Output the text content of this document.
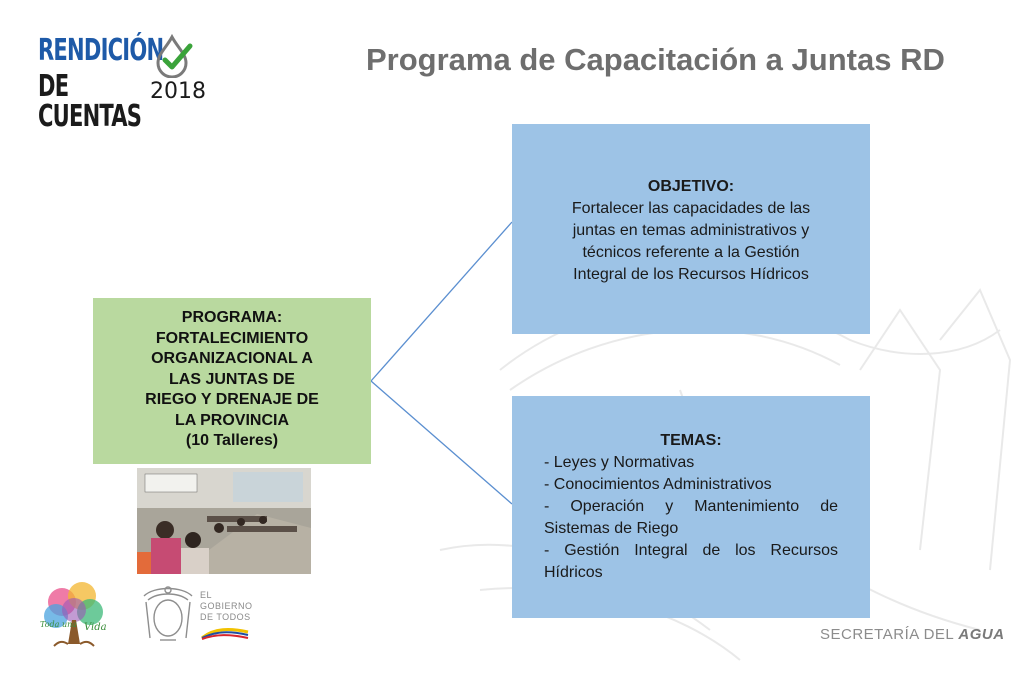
RENDICIÓN
DE CUENTAS
2018
Programa de Capacitación a Juntas RD
PROGRAMA:
FORTALECIMIENTO
ORGANIZACIONAL A
LAS JUNTAS DE
RIEGO Y DRENAJE DE
LA PROVINCIA
(10 Talleres)
OBJETIVO:
Fortalecer las capacidades de las
juntas en temas administrativos y
técnicos referente a la Gestión
Integral de los Recursos Hídricos
TEMAS:
- Leyes y Normativas
- Conocimientos Administrativos
- Operación y Mantenimiento de Sistemas de Riego
- Gestión Integral de los Recursos Hídricos
Toda una Vida
EL
GOBIERNO
DE TODOS
SECRETARÍA DEL AGUA
